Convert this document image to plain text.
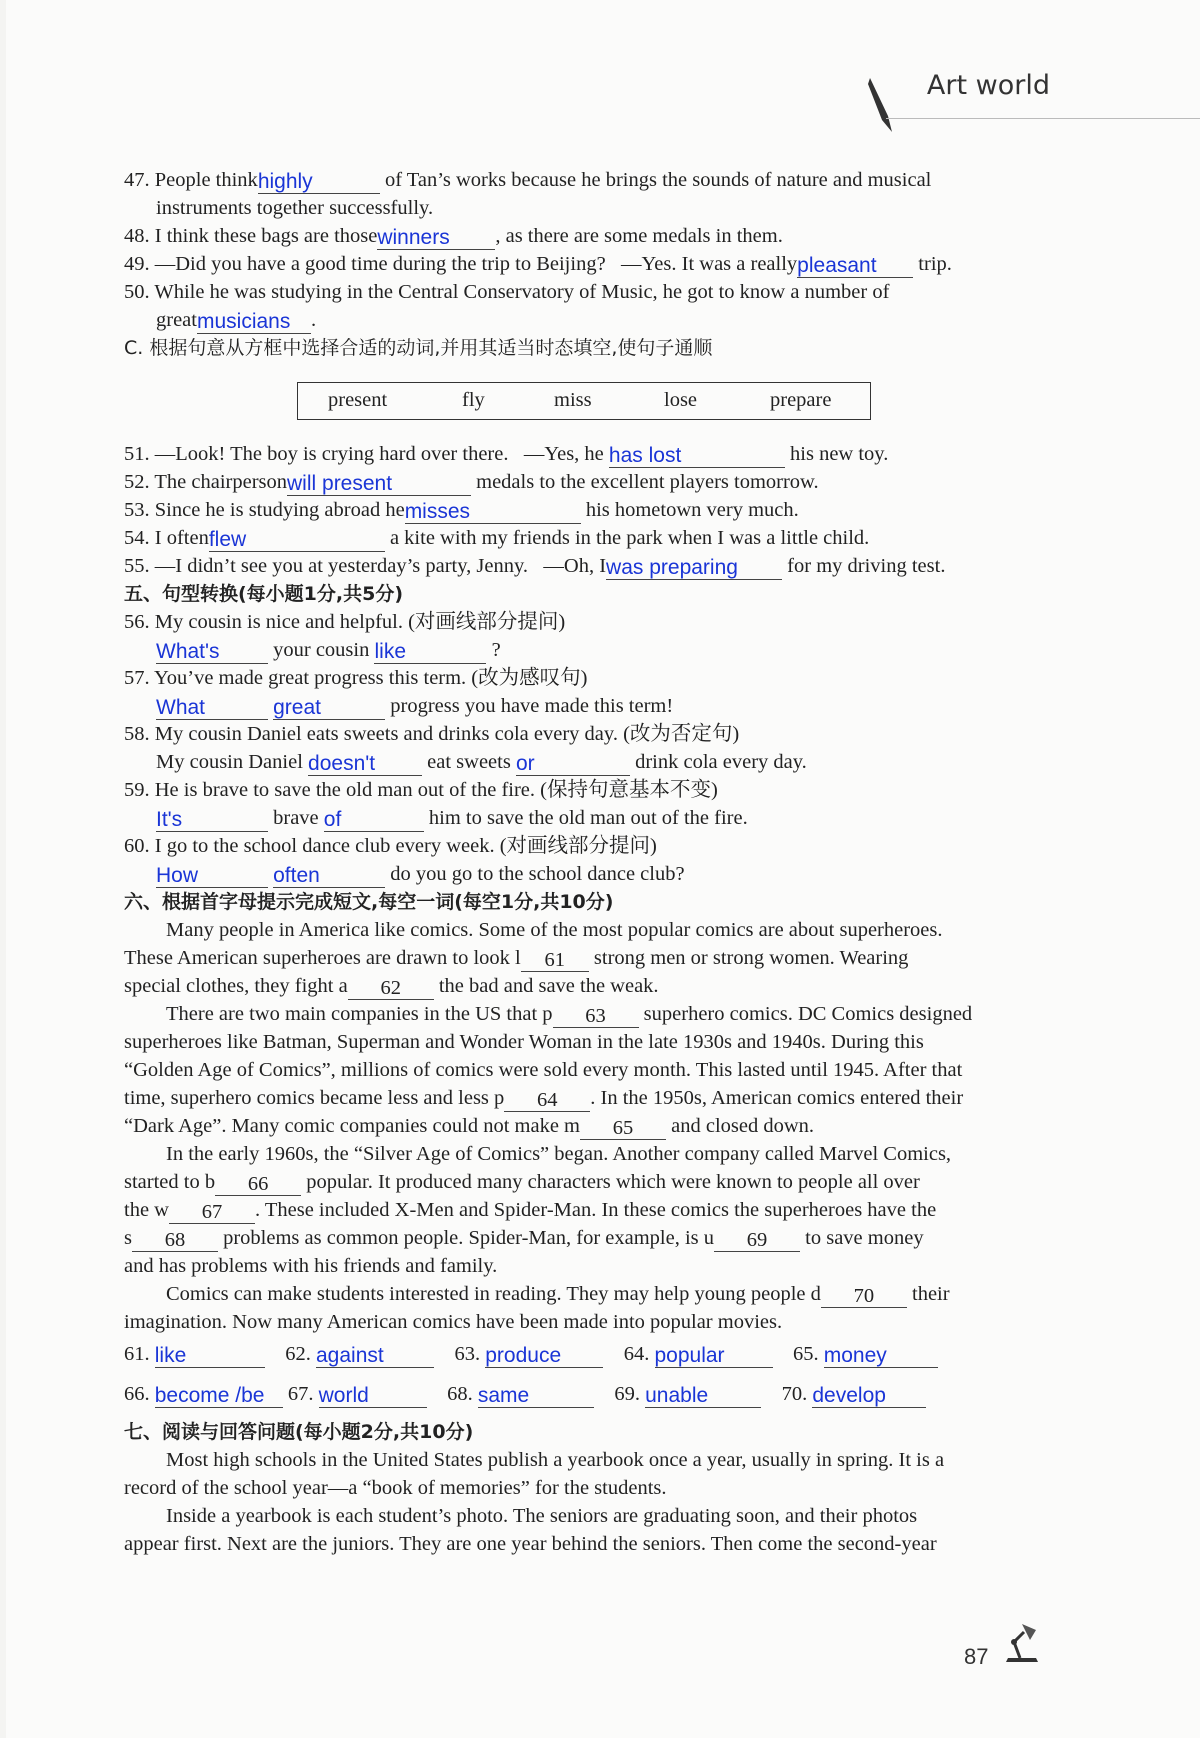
Art world
47. People thinkhighly	of Tan’s works because he brings the sounds of nature and musical
instruments together successfully.
48. I think these bags are thosewinners , as there are some medals in them.
49. —Did you have a good time during the trip to Beijing? —Yes. It was a reallypleasant trip.
50. While he was studying in the Central Conservatory of Music, he got to know a number of
greatmusicians .
C. 根据句意从方框中选择合适的动词,并用其适当时态填空,使句子通顺
present	fly	miss	lose	prepare
51. —Look! The boy is crying hard over there. —Yes, he has lost	his new toy.
52. The chairpersonwill present	medals to the excellent players tomorrow.
53. Since he is studying abroad hemisses	his hometown very much.
54. I oftenflew	a kite with my friends in the park when I was a little child.
55. —I didn’t see you at yesterday’s party, Jenny. —Oh, Iwas preparing for my driving test.
五、句型转换(每小题1分,共5分)
56. My cousin is nice and helpful. (对画线部分提问)
What's	your cousin like	?
57. You’ve made great progress this term. (改为感叹句)
What	great	progress you have made this term!
58. My cousin Daniel eats sweets and drinks cola every day. (改为否定句)
My cousin Daniel doesn't	eat sweets or	drink cola every day.
59. He is brave to save the old man out of the fire. (保持句意基本不变)
It's	brave of	him to save the old man out of the fire.
60. I go to the school dance club every week. (对画线部分提问)
How	often	do you go to the school dance club?
六、根据首字母提示完成短文,每空一词(每空1分,共10分)
Many people in America like comics. Some of the most popular comics are about superheroes.
These American superheroes are drawn to look l 61 strong men or strong women. Wearing
special clothes, they fight a 62 the bad and save the weak.
There are two main companies in the US that p 63 superhero comics. DC Comics designed
superheroes like Batman, Superman and Wonder Woman in the late 1930s and 1940s. During this
“Golden Age of Comics”, millions of comics were sold every month. This lasted until 1945. After that
time, superhero comics became less and less p 64 . In the 1950s, American comics entered their
“Dark Age”. Many comic companies could not make m 65 and closed down.
In the early 1960s, the “Silver Age of Comics” began. Another company called Marvel Comics,
started to b 66 popular. It produced many characters which were known to people all over
the w 67 . These included X-Men and Spider-Man. In these comics the superheroes have the
s 68 problems as common people. Spider-Man, for example, is u 69 to save money
and has problems with his friends and family.
Comics can make students interested in reading. They may help young people d 70 their
imagination. Now many American comics have been made into popular movies.
61. like	62. against	63. produce	64. popular	65. money
66. become /be 67. world	68. same	69. unable	70. develop
七、阅读与回答问题(每小题2分,共10分)
Most high schools in the United States publish a yearbook once a year, usually in spring. It is a
record of the school year—a “book of memories” for the students.
Inside a yearbook is each student’s photo. The seniors are graduating soon, and their photos
appear first. Next are the juniors. They are one year behind the seniors. Then come the second-year
87
